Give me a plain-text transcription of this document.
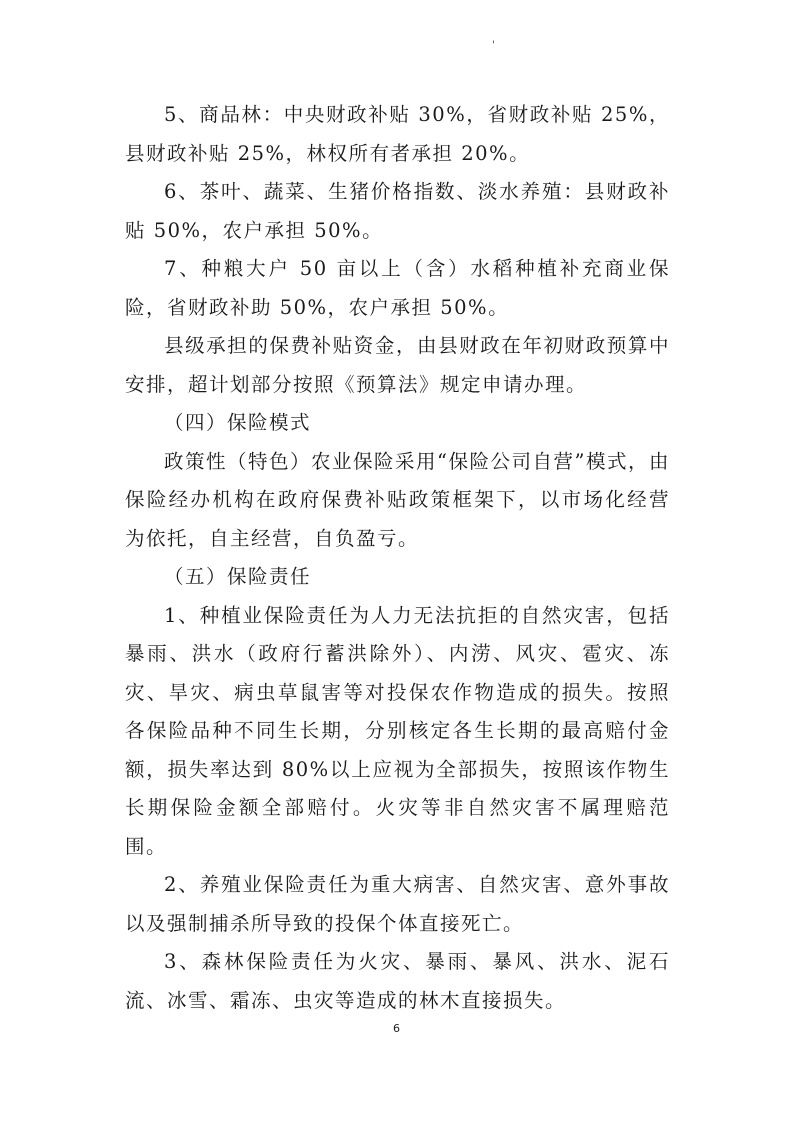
'

5、商品林：中央财政补贴 30%，省财政补贴 25%，县财政补贴 25%，林权所有者承担 20%。

6、茶叶、蔬菜、生猪价格指数、淡水养殖：县财政补贴 50%，农户承担 50%。

7、种粮大户 50 亩以上（含）水稻种植补充商业保险，省财政补助 50%，农户承担 50%。

县级承担的保费补贴资金，由县财政在年初财政预算中安排，超计划部分按照《预算法》规定申请办理。

（四）保险模式

政策性（特色）农业保险采用“保险公司自营”模式，由保险经办机构在政府保费补贴政策框架下，以市场化经营为依托，自主经营，自负盈亏。

（五）保险责任

1、种植业保险责任为人力无法抗拒的自然灾害，包括暴雨、洪水（政府行蓄洪除外）、内涝、风灾、雹灾、冻灾、旱灾、病虫草鼠害等对投保农作物造成的损失。按照各保险品种不同生长期，分别核定各生长期的最高赔付金额，损失率达到 80%以上应视为全部损失，按照该作物生长期保险金额全部赔付。火灾等非自然灾害不属理赔范围。

2、养殖业保险责任为重大病害、自然灾害、意外事故以及强制捕杀所导致的投保个体直接死亡。

3、森林保险责任为火灾、暴雨、暴风、洪水、泥石流、冰雪、霜冻、虫灾等造成的林木直接损失。

6
